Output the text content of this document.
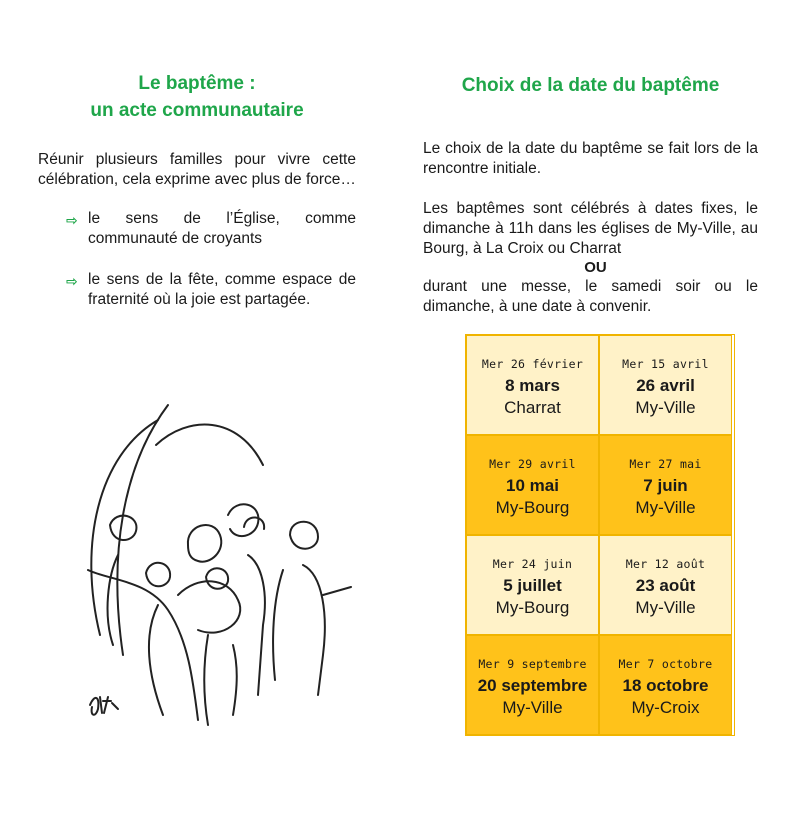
Le baptême :
un acte communautaire

Réunir plusieurs familles pour vivre cette célébration, cela exprime avec plus de force…

⇨ le sens de l’Église, comme communauté de croyants
⇨ le sens de la fête, comme espace de fraternité où la joie est partagée.
Choix de la date du baptême

Le choix de la date du baptême se fait lors de la rencontre initiale.

Les baptêmes sont célébrés à dates fixes, le dimanche à 11h dans les églises de My-Ville, au Bourg, à La Croix ou Charrat

OU

durant une messe, le samedi soir ou le dimanche, à une date à convenir.

Mer 26 février
8 mars
Charrat
Mer 15 avril
26 avril
My-Ville
Mer 29 avril
10 mai
My-Bourg
Mer 27 mai
7 juin
My-Ville
Mer 24 juin
5 juillet
My-Bourg
Mer 12 août
23 août
My-Ville
Mer 9 septembre
20 septembre
My-Ville
Mer 7 octobre
18 octobre
My-Croix
